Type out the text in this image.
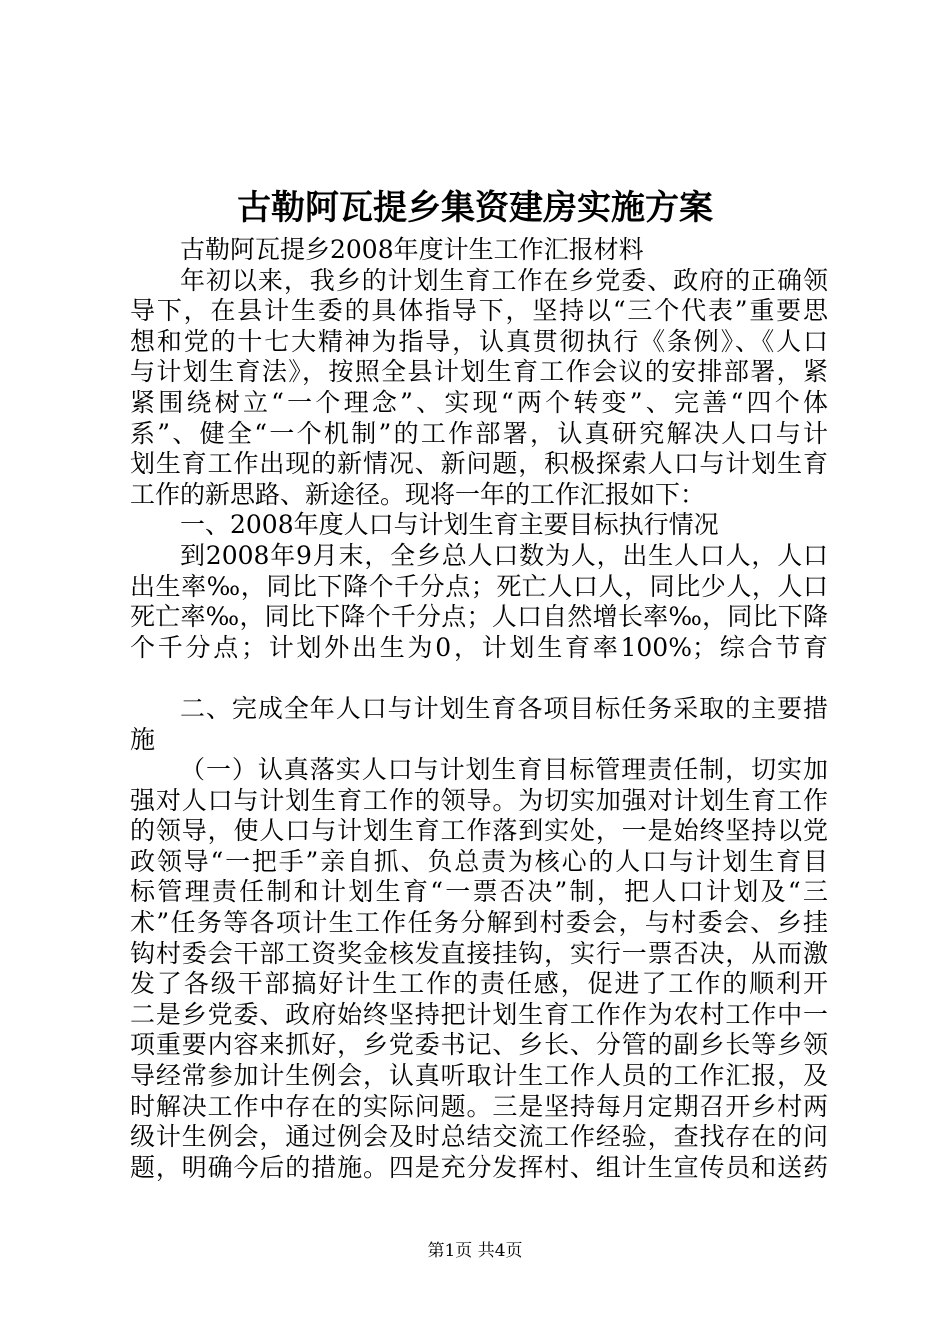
古勒阿瓦提乡集资建房实施方案
古勒阿瓦提乡2008年度计生工作汇报材料
年初以来，我乡的计划生育工作在乡党委、政府的正确领
导下，在县计生委的具体指导下，坚持以“三个代表”重要思
想和党的十七大精神为指导，认真贯彻执行《条例》、《人口
与计划生育法》，按照全县计划生育工作会议的安排部署，紧
紧围绕树立“一个理念”、实现“两个转变”、完善“四个体
系”、健全“一个机制”的工作部署，认真研究解决人口与计
划生育工作出现的新情况、新问题，积极探索人口与计划生育
工作的新思路、新途径。现将一年的工作汇报如下：
一、2008年度人口与计划生育主要目标执行情况
到2008年9月末，全乡总人口数为人，出生人口人，人口
出生率‰，同比下降个千分点；死亡人口人，同比少人，人口
死亡率‰，同比下降个千分点；人口自然增长率‰，同比下降
个千分点；计划外出生为0，计划生育率100%；综合节育
二、完成全年人口与计划生育各项目标任务采取的主要措
施
（一）认真落实人口与计划生育目标管理责任制，切实加
强对人口与计划生育工作的领导。为切实加强对计划生育工作
的领导，使人口与计划生育工作落到实处，一是始终坚持以党
政领导“一把手”亲自抓、负总责为核心的人口与计划生育目
标管理责任制和计划生育“一票否决”制，把人口计划及“三
术”任务等各项计生工作任务分解到村委会，与村委会、乡挂
钩村委会干部工资奖金核发直接挂钩，实行一票否决，从而激
发了各级干部搞好计生工作的责任感，促进了工作的顺利开
二是乡党委、政府始终坚持把计划生育工作作为农村工作中一
项重要内容来抓好，乡党委书记、乡长、分管的副乡长等乡领
导经常参加计生例会，认真听取计生工作人员的工作汇报，及
时解决工作中存在的实际问题。三是坚持每月定期召开乡村两
级计生例会，通过例会及时总结交流工作经验，查找存在的问
题，明确今后的措施。四是充分发挥村、组计生宣传员和送药
第1页 共4页
